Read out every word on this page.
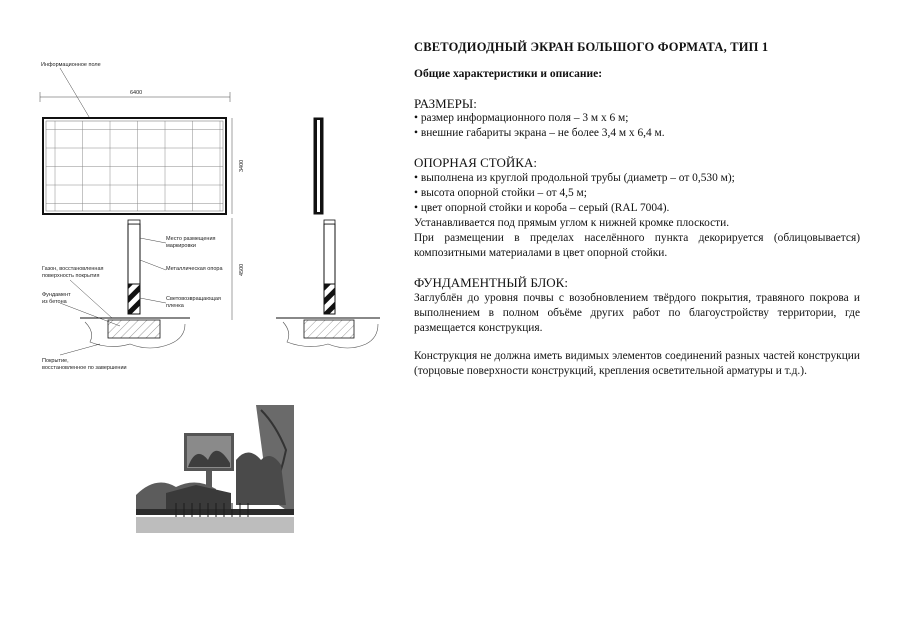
Информационное поле
6400
Место размещения маркировки
Металлическая опора
Световозвращающая пленка
3400
4500
Газон, восстановленная поверхность покрытия
Фундамент из бетона
Покрытие, восстановленное по завершении
СВЕТОДИОДНЫЙ ЭКРАН БОЛЬШОГО ФОРМАТА, ТИП 1
Общие характеристики и описание:
РАЗМЕРЫ:
• размер информационного поля – 3 м х 6 м;
• внешние габариты экрана – не более 3,4 м х 6,4 м.
ОПОРНАЯ СТОЙКА:
• выполнена из круглой продольной трубы (диаметр – от 0,530 м);
• высота опорной стойки – от 4,5 м;
• цвет опорной стойки и короба – серый (RAL 7004).
Устанавливается под прямым углом к нижней кромке плоскости.
При размещении в пределах населённого пункта декорируется (облицовывается) композитными материалами в цвет опорной стойки.
ФУНДАМЕНТНЫЙ БЛОК:
Заглублён до уровня почвы с возобновлением твёрдого покрытия, травяного покрова и выполнением в полном объёме других работ по благоустройству территории, где размещается конструкция.
Конструкция не должна иметь видимых элементов соединений разных частей конструкции (торцовые поверхности конструкций, крепления осветительной арматуры и т.д.).
